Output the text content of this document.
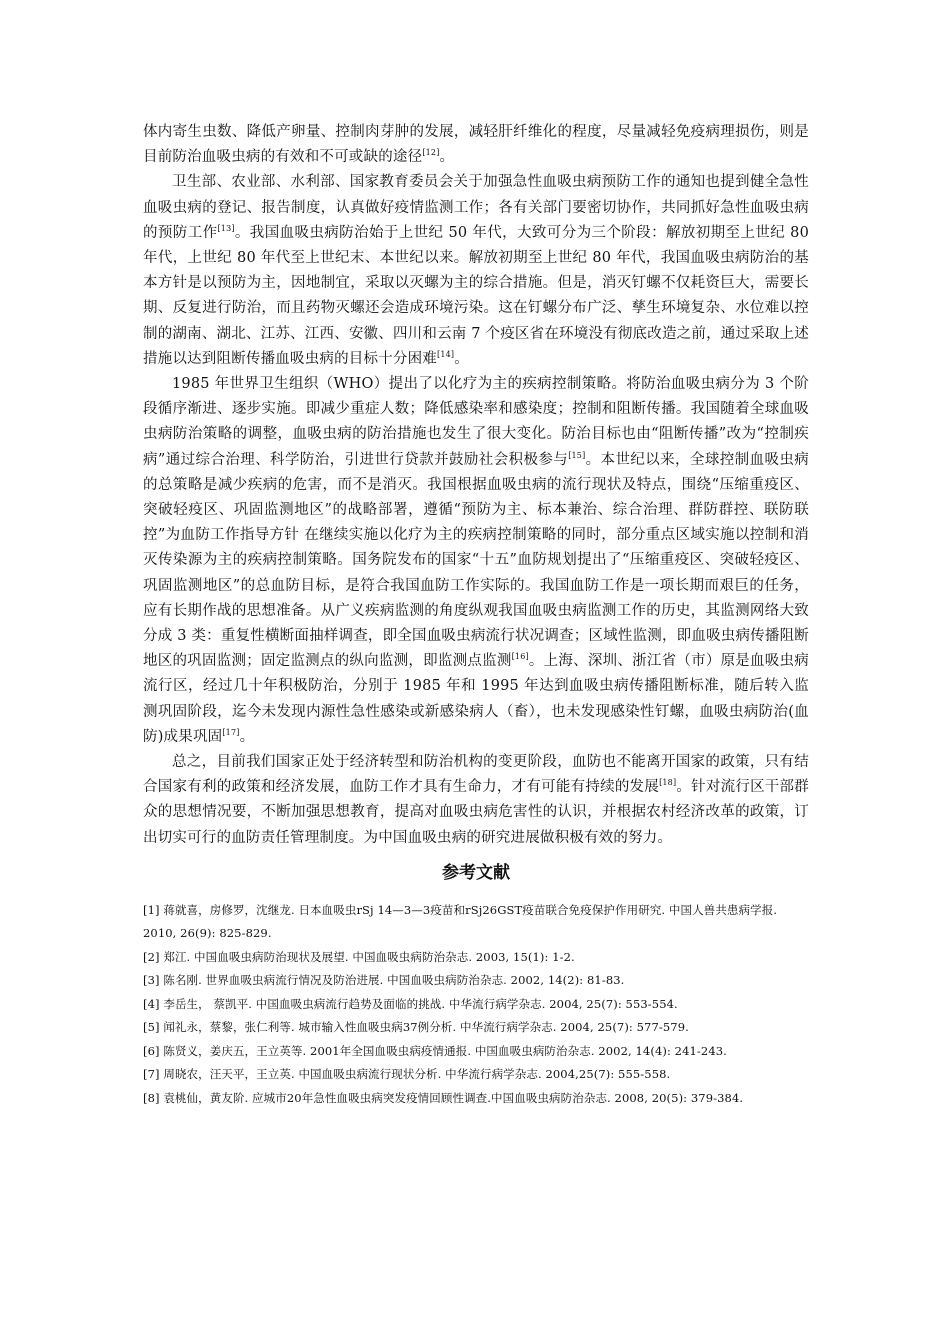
体内寄生虫数、降低产卵量、控制肉芽肿的发展，减轻肝纤维化的程度，尽量减轻免疫病理损伤，则是目前防治血吸虫病的有效和不可或缺的途径[12]。

卫生部、农业部、水利部、国家教育委员会关于加强急性血吸虫病预防工作的通知也提到健全急性血吸虫病的登记、报告制度，认真做好疫情监测工作；各有关部门要密切协作，共同抓好急性血吸虫病的预防工作[13]。我国血吸虫病防治始于上世纪 50 年代，大致可分为三个阶段：解放初期至上世纪 80 年代，上世纪 80 年代至上世纪末、本世纪以来。解放初期至上世纪 80 年代，我国血吸虫病防治的基本方针是以预防为主，因地制宜，采取以灭螺为主的综合措施。但是，消灭钉螺不仅耗资巨大，需要长期、反复进行防治，而且药物灭螺还会造成环境污染。这在钉螺分布广泛、孳生环境复杂、水位难以控制的湖南、湖北、江苏、江西、安徽、四川和云南 7 个疫区省在环境没有彻底改造之前，通过采取上述措施以达到阻断传播血吸虫病的目标十分困难[14]。

1985 年世界卫生组织（WHO）提出了以化疗为主的疾病控制策略。将防治血吸虫病分为 3 个阶段循序渐进、逐步实施。即减少重症人数；降低感染率和感染度；控制和阻断传播。我国随着全球血吸虫病防治策略的调整，血吸虫病的防治措施也发生了很大变化。防治目标也由“阻断传播”改为“控制疾病”通过综合治理、科学防治，引进世行贷款并鼓励社会积极参与[15]。本世纪以来，全球控制血吸虫病的总策略是减少疾病的危害，而不是消灭。我国根据血吸虫病的流行现状及特点，围绕“压缩重疫区、突破轻疫区、巩固监测地区”的战略部署，遵循“预防为主、标本兼治、综合治理、群防群控、联防联控”为血防工作指导方针 在继续实施以化疗为主的疾病控制策略的同时，部分重点区域实施以控制和消灭传染源为主的疾病控制策略。国务院发布的国家“十五”血防规划提出了“压缩重疫区、突破轻疫区、巩固监测地区”的总血防目标，是符合我国血防工作实际的。我国血防工作是一项长期而艰巨的任务，应有长期作战的思想准备。从广义疾病监测的角度纵观我国血吸虫病监测工作的历史，其监测网络大致分成 3 类：重复性横断面抽样调查，即全国血吸虫病流行状况调查；区域性监测，即血吸虫病传播阻断地区的巩固监测；固定监测点的纵向监测，即监测点监测[16]。上海、深圳、浙江省（市）原是血吸虫病流行区，经过几十年积极防治，分别于 1985 年和 1995 年达到血吸虫病传播阻断标准，随后转入监测巩固阶段，迄今未发现内源性急性感染或新感染病人（畜），也未发现感染性钉螺，血吸虫病防治(血防)成果巩固[17]。

总之，目前我们国家正处于经济转型和防治机构的变更阶段，血防也不能离开国家的政策，只有结合国家有利的政策和经济发展，血防工作才具有生命力，才有可能有持续的发展[18]。针对流行区干部群众的思想情况要，不断加强思想教育，提高对血吸虫病危害性的认识，并根据农村经济改革的政策，订出切实可行的血防责任管理制度。为中国血吸虫病的研究进展做积极有效的努力。

参考文献
[1] 蒋就喜，房修罗，沈继龙. 日本血吸虫rSj 14—3—3疫苗和rSj26GST疫苗联合免疫保护作用研究. 中国人兽共患病学报. 2010, 26(9): 825-829.
[2] 郑江. 中国血吸虫病防治现状及展望. 中国血吸虫病防治杂志. 2003, 15(1): 1-2.
[3] 陈名刚. 世界血吸虫病流行情况及防治进展. 中国血吸虫病防治杂志. 2002, 14(2): 81-83.
[4] 李岳生， 蔡凯平. 中国血吸虫病流行趋势及面临的挑战. 中华流行病学杂志. 2004, 25(7): 553-554.
[5] 闻礼永，蔡黎，张仁利等. 城市输入性血吸虫病37例分析. 中华流行病学杂志. 2004, 25(7): 577-579.
[6] 陈贤义，姜庆五，王立英等. 2001年全国血吸虫病疫情通报. 中国血吸虫病防治杂志. 2002, 14(4): 241-243.
[7] 周晓农，汪天平，王立英. 中国血吸虫病流行现状分析. 中华流行病学杂志. 2004,25(7): 555-558.
[8] 袁桃仙，黄友阶. 应城市20年急性血吸虫病突发疫情回顾性调查.中国血吸虫病防治杂志. 2008, 20(5): 379-384.
